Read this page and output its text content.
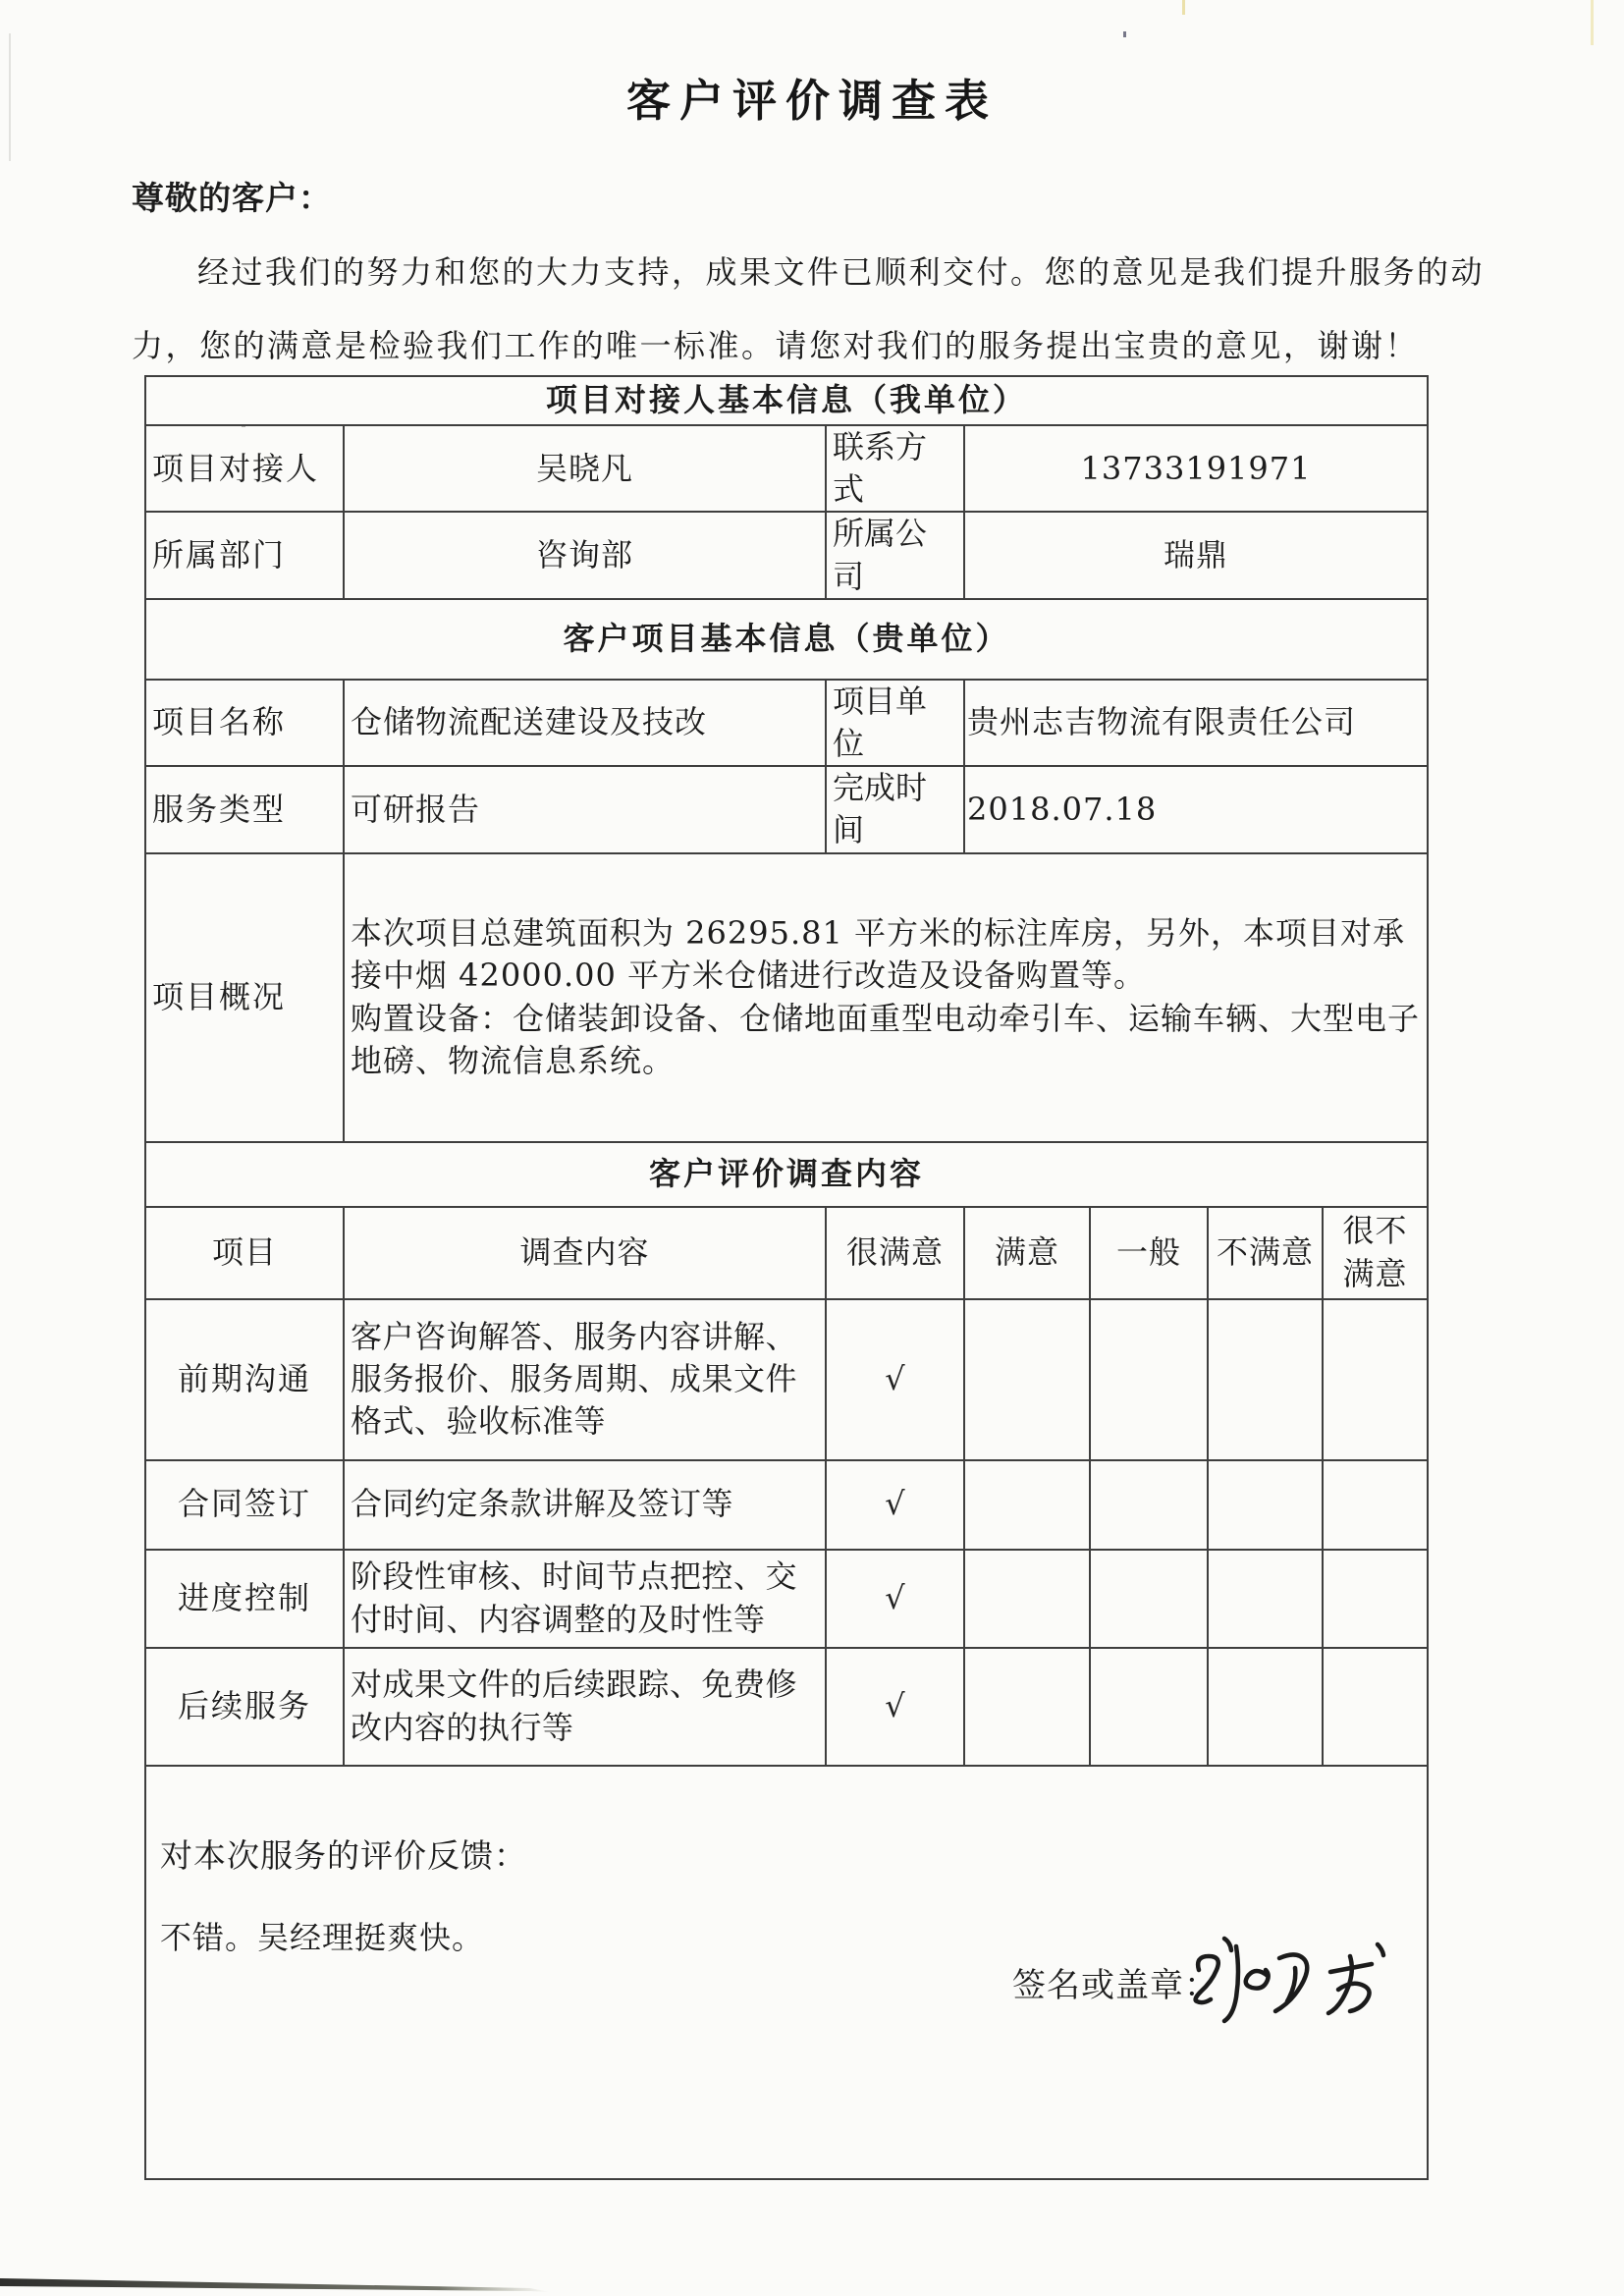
客户评价调查表
尊敬的客户：
经过我们的努力和您的大力支持，成果文件已顺利交付。您的意见是我们提升服务的动
力，您的满意是检验我们工作的唯一标准。请您对我们的服务提出宝贵的意见，谢谢！
项目对接人基本信息（我单位）						
项目对接人	吴晓凡	联系方式	13733191971			
所属部门	咨询部	所属公司	瑞鼎			
客户项目基本信息（贵单位）						
项目名称	仓储物流配送建设及技改	项目单位	贵州志吉物流有限责任公司			
服务类型	可研报告	完成时间	2018.07.18			
项目概况	本次项目总建筑面积为 26295.81 平方米的标注库房，另外，本项目对承接中烟 42000.00 平方米仓储进行改造及设备购置等。
购置设备：仓储装卸设备、仓储地面重型电动牵引车、运输车辆、大型电子地磅、物流信息系统。					

客户评价调查内容						
项目	调查内容	很满意	满意	一般	不满意	很不满意
前期沟通	客户咨询解答、服务内容讲解、服务报价、服务周期、成果文件格式、验收标准等	√				
合同签订	合同约定条款讲解及签订等	√				
进度控制	阶段性审核、时间节点把控、交付时间、内容调整的及时性等	√				
后续服务	对成果文件的后续跟踪、免费修改内容的执行等	√				

对本次服务的评价反馈：
不错。吴经理挺爽快。
签名或盖章：						
